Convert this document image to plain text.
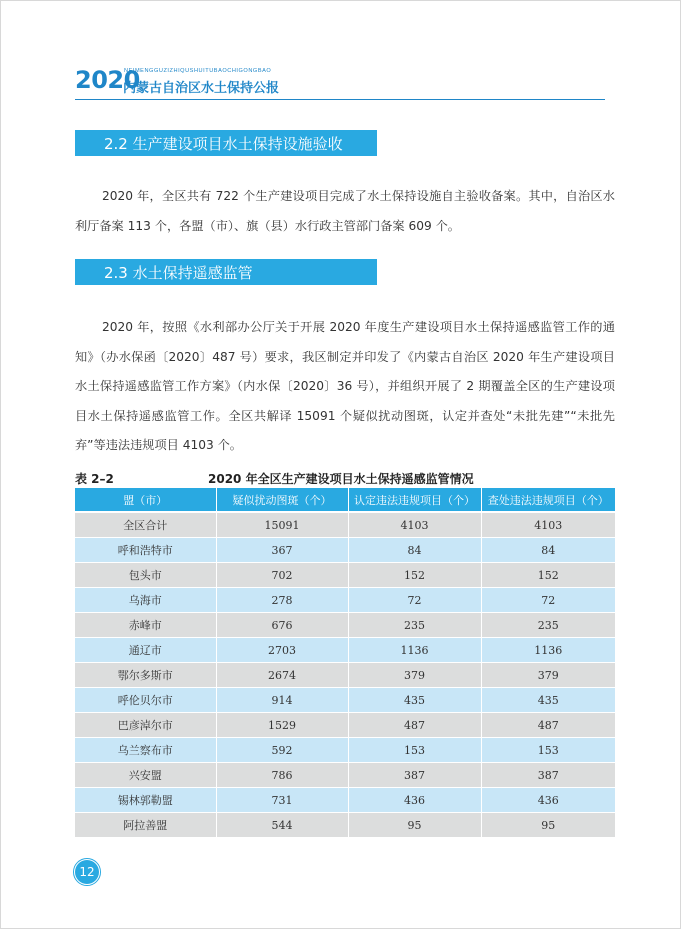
2020
NEIMENGGUZIZHIQUSHUITUBAOCHIGONGBAO
内蒙古自治区水土保持公报
2.2 生产建设项目水土保持设施验收
2020 年，全区共有 722 个生产建设项目完成了水土保持设施自主验收备案。其中，自治区水利厅备案 113 个，各盟（市）、旗（县）水行政主管部门备案 609 个。
2.3 水土保持遥感监管
2020 年，按照《水利部办公厅关于开展 2020 年度生产建设项目水土保持遥感监管工作的通知》（办水保函〔2020〕487 号）要求，我区制定并印发了《内蒙古自治区 2020 年生产建设项目水土保持遥感监管工作方案》（内水保〔2020〕36 号），并组织开展了 2 期覆盖全区的生产建设项目水土保持遥感监管工作。全区共解译 15091 个疑似扰动图斑，认定并查处“未批先建”“未批先弃”等违法违规项目 4103 个。
表 2–2	2020 年全区生产建设项目水土保持遥感监管情况
盟（市）	疑似扰动图斑（个）	认定违法违规项目（个）	查处违法违规项目（个）
全区合计	15091	4103	4103
呼和浩特市	367	84	84
包头市	702	152	152
乌海市	278	72	72
赤峰市	676	235	235
通辽市	2703	1136	1136
鄂尔多斯市	2674	379	379
呼伦贝尔市	914	435	435
巴彦淖尔市	1529	487	487
乌兰察布市	592	153	153
兴安盟	786	387	387
锡林郭勒盟	731	436	436
阿拉善盟	544	95	95
12
